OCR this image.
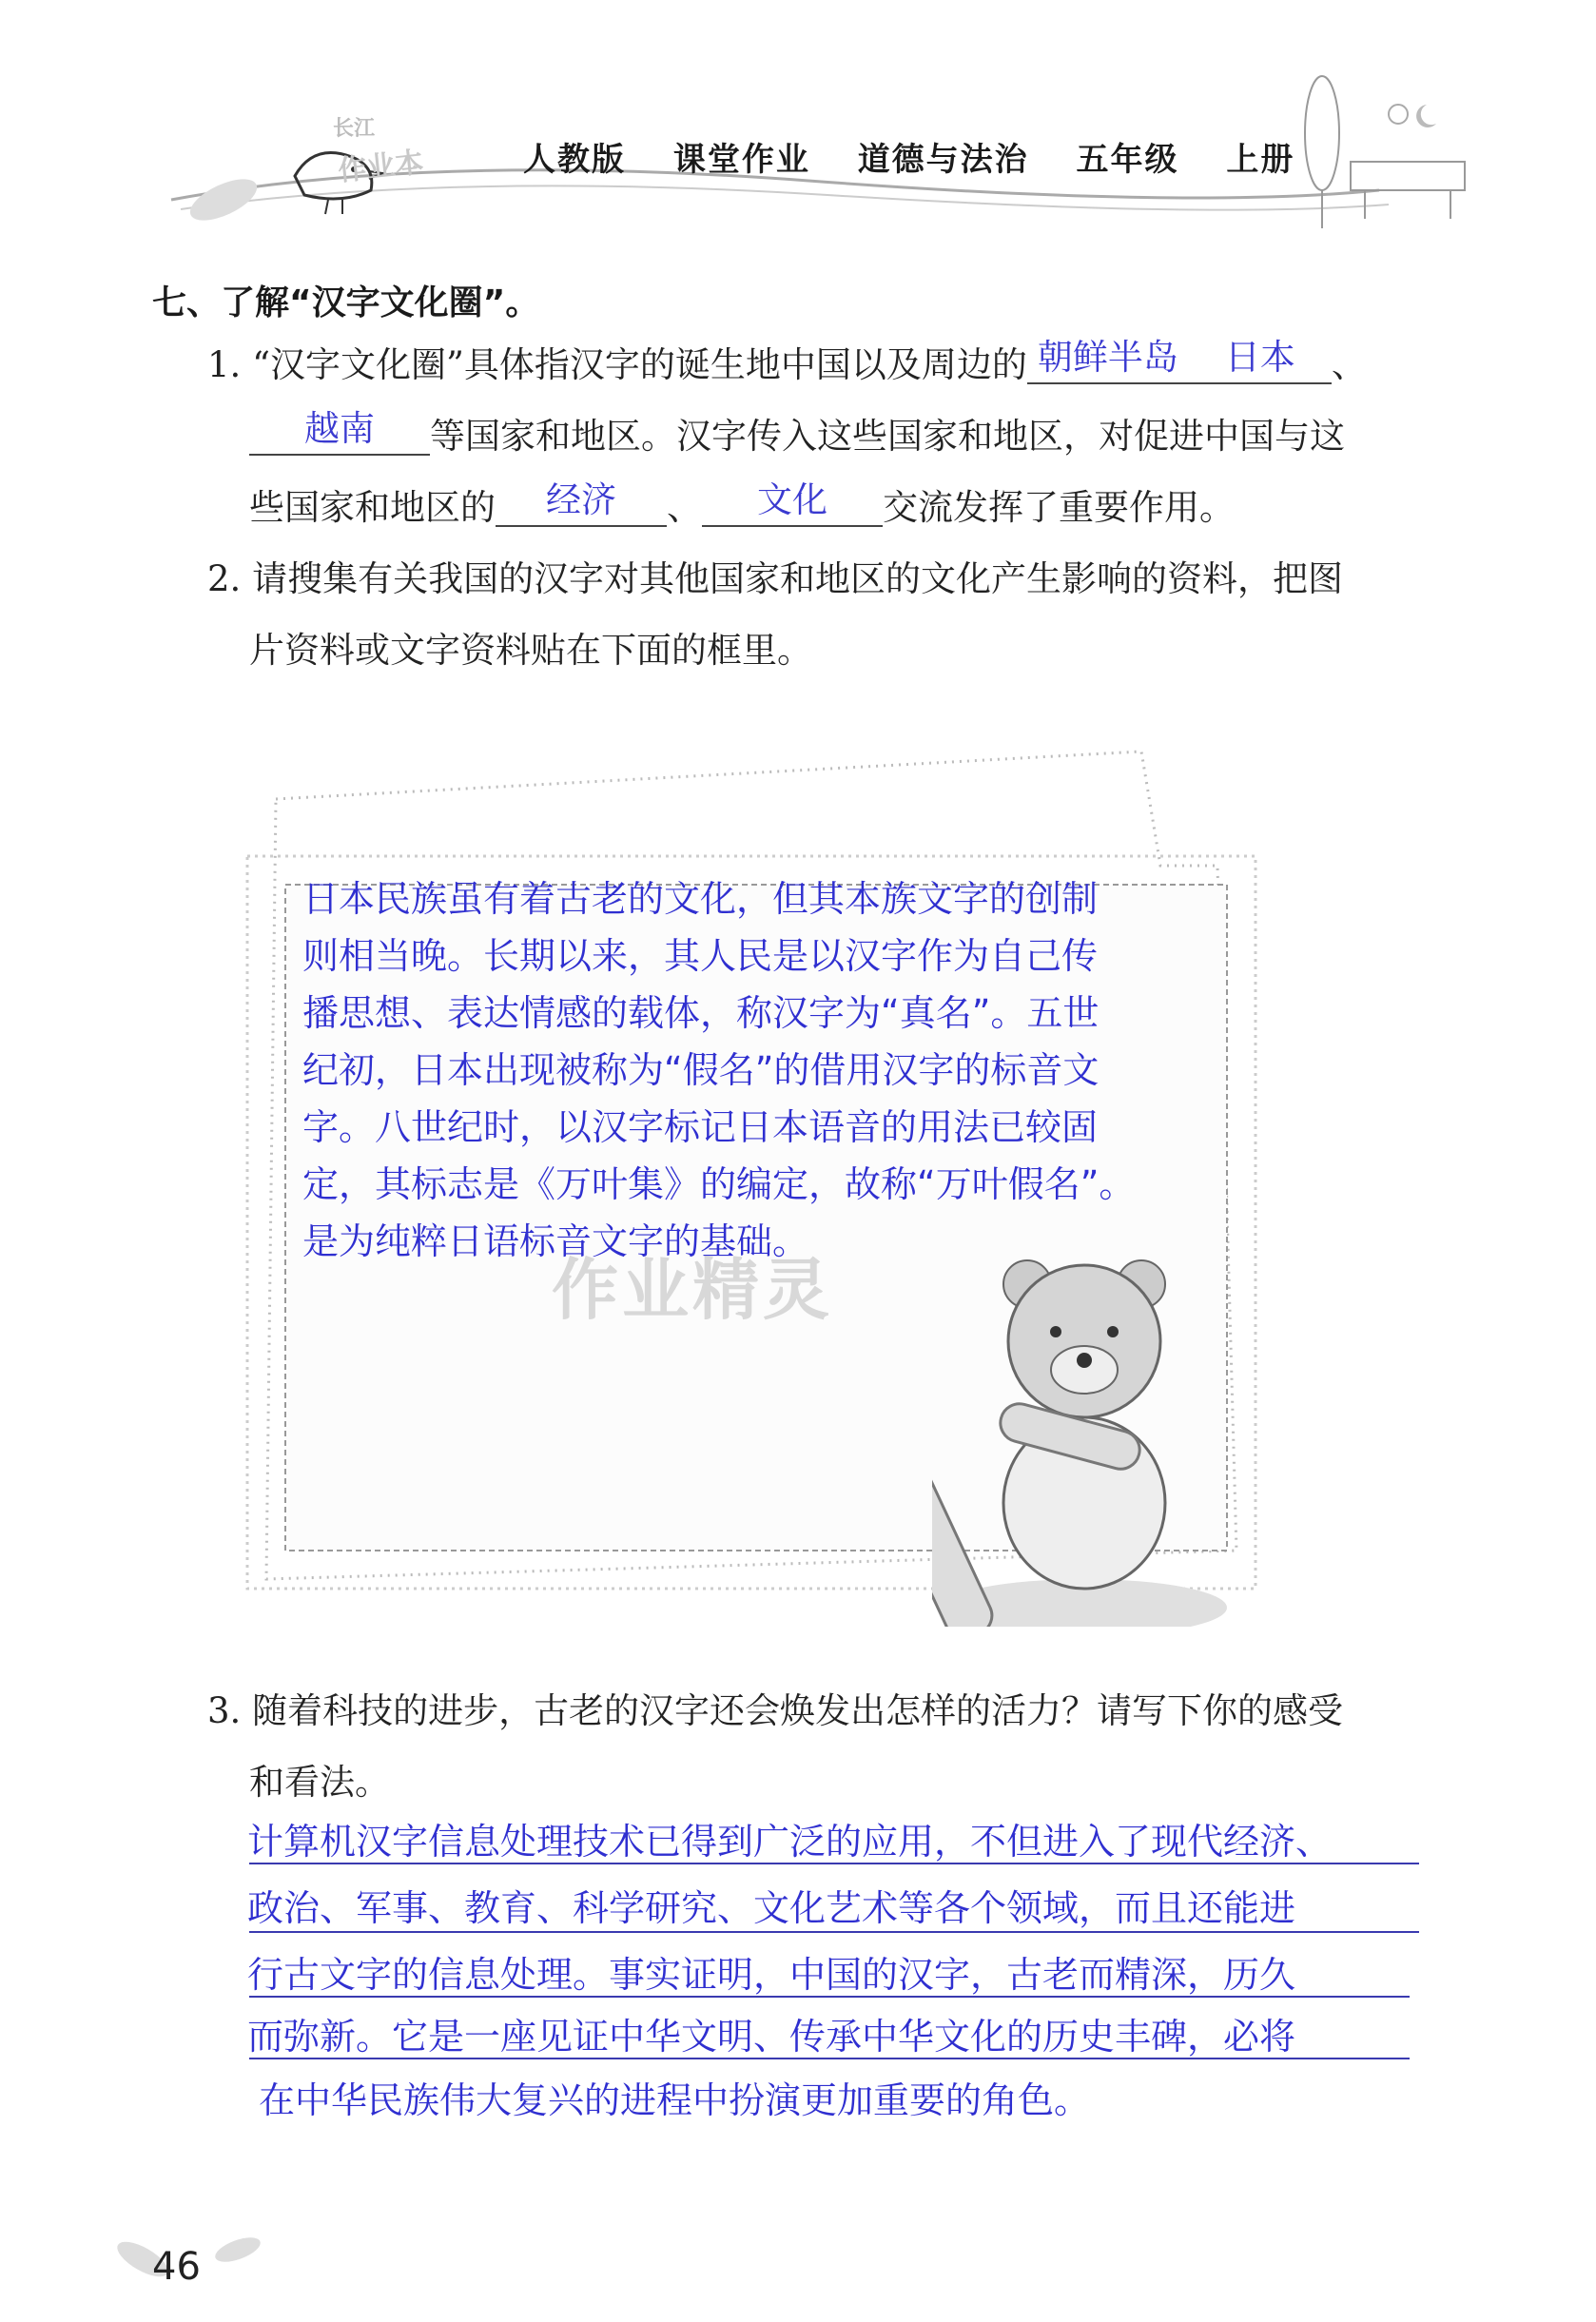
长江
作业本	人教版 课堂作业 道德与法治 五年级 上册
七、了解“汉字文化圈”。
1. “汉字文化圈”具体指汉字的诞生地中国以及周边的 朝鲜半岛 日本 、
越南 等国家和地区。汉字传入这些国家和地区，对促进中国与这
些国家和地区的 经济 、 文化 交流发挥了重要作用。
2. 请搜集有关我国的汉字对其他国家和地区的文化产生影响的资料，把图
片资料或文字资料贴在下面的框里。
日本民族虽有着古老的文化，但其本族文字的创制
则相当晚。长期以来，其人民是以汉字作为自己传
播思想、表达情感的载体，称汉字为“真名”。五世
纪初，日本出现被称为“假名”的借用汉字的标音文
字。八世纪时，以汉字标记日本语音的用法已较固
定，其标志是《万叶集》的编定，故称“万叶假名”。
是为纯粹日语标音文字的基础。
作业精灵
3. 随着科技的进步，古老的汉字还会焕发出怎样的活力？请写下你的感受
和看法。
计算机汉字信息处理技术已得到广泛的应用，不但进入了现代经济、
政治、军事、教育、科学研究、文化艺术等各个领域，而且还能进
行古文字的信息处理。事实证明，中国的汉字，古老而精深，历久
而弥新。它是一座见证中华文明、传承中华文化的历史丰碑，必将
在中华民族伟大复兴的进程中扮演更加重要的角色。
46
